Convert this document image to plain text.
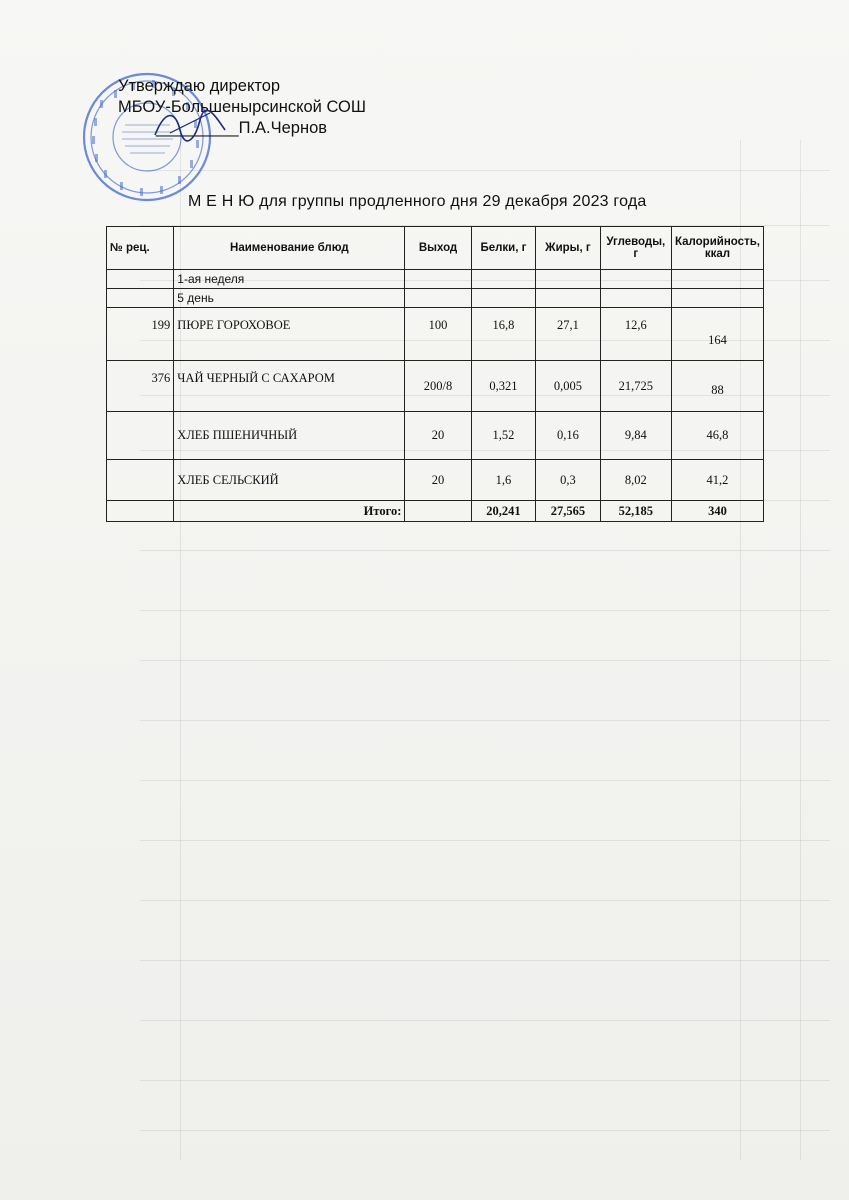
Утверждаю директор
МБОУ-Большенырсинской СОШ
_________П.А.Чернов
М Е Н Ю для группы продленного дня 29 декабря 2023 года
№ рец.	Наименование блюд	Выход	Белки, г	Жиры, г	Углеводы, г	Калорийность, ккал
	1-ая неделя					
	5 день					
199	ПЮРЕ ГОРОХОВОЕ	100	16,8	27,1	12,6	164
376	ЧАЙ ЧЕРНЫЙ С САХАРОМ	200/8	0,321	0,005	21,725	88
	ХЛЕБ ПШЕНИЧНЫЙ	20	1,52	0,16	9,84	46,8
	ХЛЕБ СЕЛЬСКИЙ	20	1,6	0,3	8,02	41,2
	Итого:		20,241	27,565	52,185	340
